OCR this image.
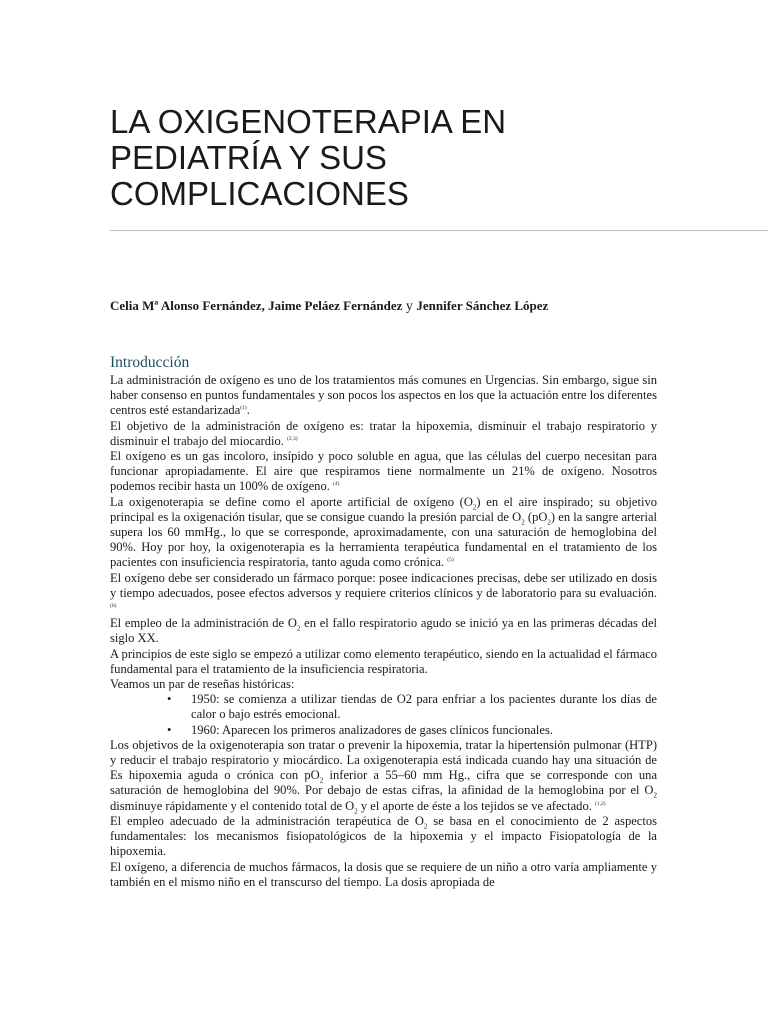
LA OXIGENOTERAPIA EN
PEDIATRÍA Y SUS
COMPLICACIONES
Celia Mª Alonso Fernández, Jaime Peláez Fernández y Jennifer Sánchez López
Introducción

La administración de oxígeno es uno de los tratamientos más comunes en Urgencias. Sin embargo, sigue sin haber consenso en puntos fundamentales y son pocos los aspectos en los que la actuación entre los diferentes centros esté estandarizada$^{(1)}$.

El objetivo de la administración de oxígeno es: tratar la hipoxemia, disminuir el trabajo respiratorio y disminuir el trabajo del miocardio. $^{(2,3)}$

El oxígeno es un gas incoloro, insípido y poco soluble en agua, que las células del cuerpo necesitan para funcionar apropiadamente. El aire que respiramos tiene normalmente un 21% de oxígeno. Nosotros podemos recibir hasta un 100% de oxígeno. $^{(4)}$

La oxigenoterapia se define como el aporte artificial de oxígeno $(O_2)$ en el aire inspirado; su objetivo principal es la oxigenación tisular, que se consigue cuando la presión parcial de $O_2$ $(pO_2)$ en la sangre arterial supera los 60 mmHg., lo que se corresponde, aproximadamente, con una saturación de hemoglobina del 90%. Hoy por hoy, la oxigenoterapia es la herramienta terapéutica fundamental en el tratamiento de los pacientes con insuficiencia respiratoria, tanto aguda como crónica. $^{(5)}$

El oxígeno debe ser considerado un fármaco porque: posee indicaciones precisas, debe ser utilizado en dosis y tiempo adecuados, posee efectos adversos y requiere criterios clínicos y de laboratorio para su evaluación. $^{(6)}$

El empleo de la administración de $O_2$ en el fallo respiratorio agudo se inició ya en las primeras décadas del siglo XX.

A principios de este siglo se empezó a utilizar como elemento terapéutico, siendo en la actualidad el fármaco fundamental para el tratamiento de la insuficiencia respiratoria.

Veamos un par de reseñas históricas:

• 1950: se comienza a utilizar tiendas de O2 para enfriar a los pacientes durante los días de calor o bajo estrés emocional.
• 1960: Aparecen los primeros analizadores de gases clínicos funcionales.

Los objetivos de la oxigenoterapia son tratar o prevenir la hipoxemia, tratar la hipertensión pulmonar (HTP) y reducir el trabajo respiratorio y miocárdico. La oxigenoterapia está indicada cuando hay una situación de Es hipoxemia aguda o crónica con $pO_2$ inferior a 55–60 mm Hg., cifra que se corresponde con una saturación de hemoglobina del 90%. Por debajo de estas cifras, la afinidad de la hemoglobina por el $O_2$ disminuye rápidamente y el contenido total de $O_2$ y el aporte de éste a los tejidos se ve afectado. $^{(1,2)}$

El empleo adecuado de la administración terapéutica de $O_2$ se basa en el conocimiento de 2 aspectos fundamentales: los mecanismos fisiopatológicos de la hipoxemia y el impacto Fisiopatología de la hipoxemia.

El oxígeno, a diferencia de muchos fármacos, la dosis que se requiere de un niño a otro varía ampliamente y también en el mismo niño en el transcurso del tiempo. La dosis apropiada de
